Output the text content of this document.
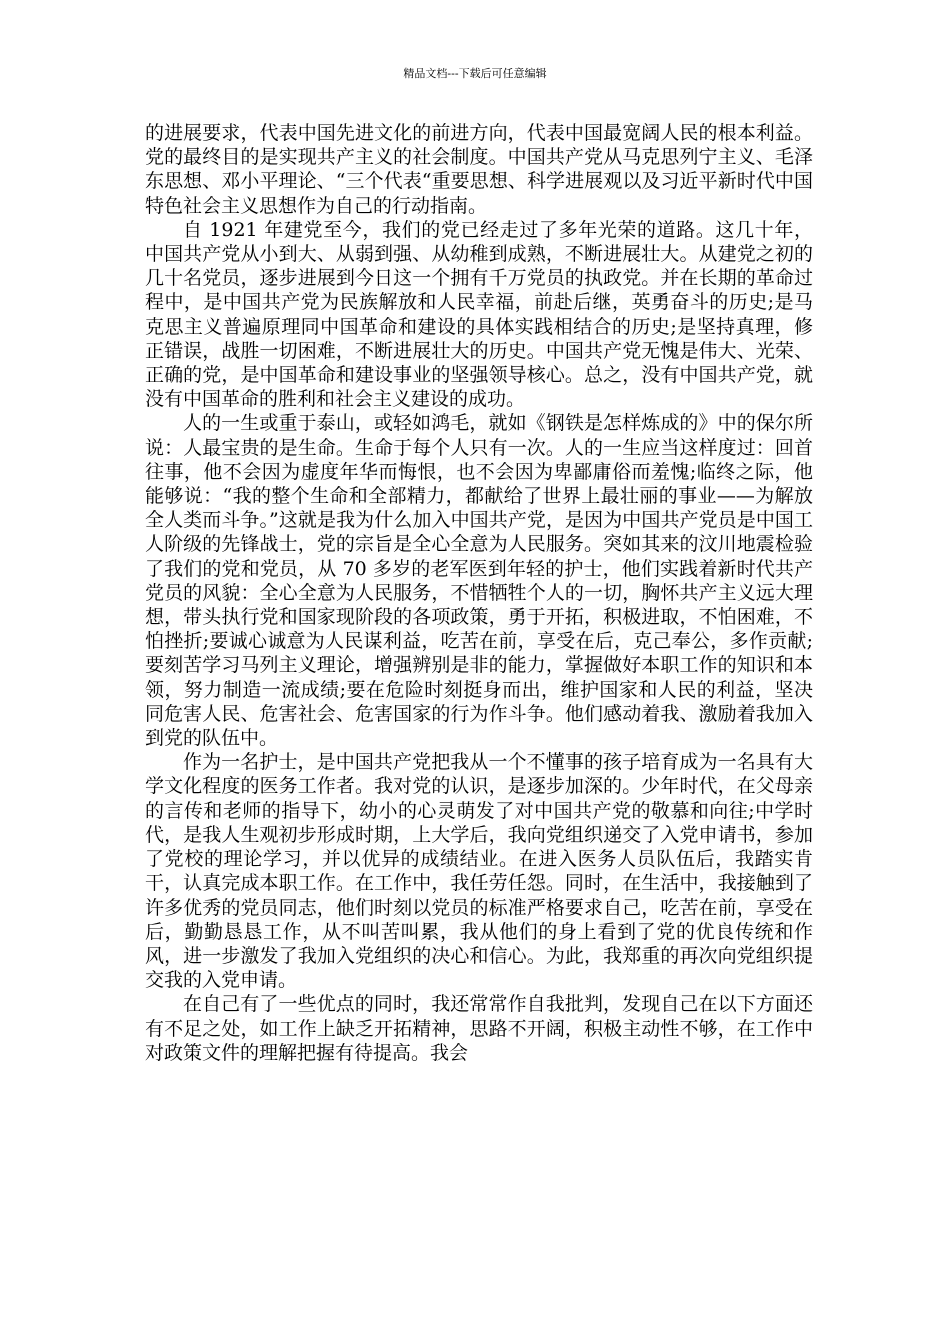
精品文档---下载后可任意编辑

的进展要求，代表中国先进文化的前进方向，代表中国最宽阔人民的根本利益。党的最终目的是实现共产主义的社会制度。中国共产党从马克思列宁主义、毛泽东思想、邓小平理论、“三个代表“重要思想、科学进展观以及习近平新时代中国特色社会主义思想作为自己的行动指南。

自 1921 年建党至今，我们的党已经走过了多年光荣的道路。这几十年，中国共产党从小到大、从弱到强、从幼稚到成熟，不断进展壮大。从建党之初的几十名党员，逐步进展到今日这一个拥有千万党员的执政党。并在长期的革命过程中，是中国共产党为民族解放和人民幸福，前赴后继，英勇奋斗的历史;是马克思主义普遍原理同中国革命和建设的具体实践相结合的历史;是坚持真理，修正错误，战胜一切困难，不断进展壮大的历史。中国共产党无愧是伟大、光荣、正确的党，是中国革命和建设事业的坚强领导核心。总之，没有中国共产党，就没有中国革命的胜利和社会主义建设的成功。

人的一生或重于泰山，或轻如鸿毛，就如《钢铁是怎样炼成的》中的保尔所说：人最宝贵的是生命。生命于每个人只有一次。人的一生应当这样度过：回首往事，他不会因为虚度年华而悔恨，也不会因为卑鄙庸俗而羞愧;临终之际，他能够说：“我的整个生命和全部精力，都献给了世界上最壮丽的事业——为解放全人类而斗争。”这就是我为什么加入中国共产党，是因为中国共产党员是中国工人阶级的先锋战士，党的宗旨是全心全意为人民服务。突如其来的汶川地震检验了我们的党和党员，从 70 多岁的老军医到年轻的护士，他们实践着新时代共产党员的风貌：全心全意为人民服务，不惜牺牲个人的一切，胸怀共产主义远大理想，带头执行党和国家现阶段的各项政策，勇于开拓，积极进取，不怕困难，不怕挫折;要诚心诚意为人民谋利益，吃苦在前，享受在后，克己奉公，多作贡献;要刻苦学习马列主义理论，增强辨别是非的能力，掌握做好本职工作的知识和本领，努力制造一流成绩;要在危险时刻挺身而出，维护国家和人民的利益，坚决同危害人民、危害社会、危害国家的行为作斗争。他们感动着我、激励着我加入到党的队伍中。

作为一名护士，是中国共产党把我从一个不懂事的孩子培育成为一名具有大学文化程度的医务工作者。我对党的认识，是逐步加深的。少年时代，在父母亲的言传和老师的指导下，幼小的心灵萌发了对中国共产党的敬慕和向往;中学时代，是我人生观初步形成时期，上大学后，我向党组织递交了入党申请书，参加了党校的理论学习，并以优异的成绩结业。在进入医务人员队伍后，我踏实肯干，认真完成本职工作。在工作中，我任劳任怨。同时，在生活中，我接触到了许多优秀的党员同志，他们时刻以党员的标准严格要求自己，吃苦在前，享受在后，勤勤恳恳工作，从不叫苦叫累，我从他们的身上看到了党的优良传统和作风，进一步激发了我加入党组织的决心和信心。为此，我郑重的再次向党组织提交我的入党申请。

在自己有了一些优点的同时，我还常常作自我批判，发现自己在以下方面还有不足之处，如工作上缺乏开拓精神，思路不开阔，积极主动性不够，在工作中对政策文件的理解把握有待提高。我会
